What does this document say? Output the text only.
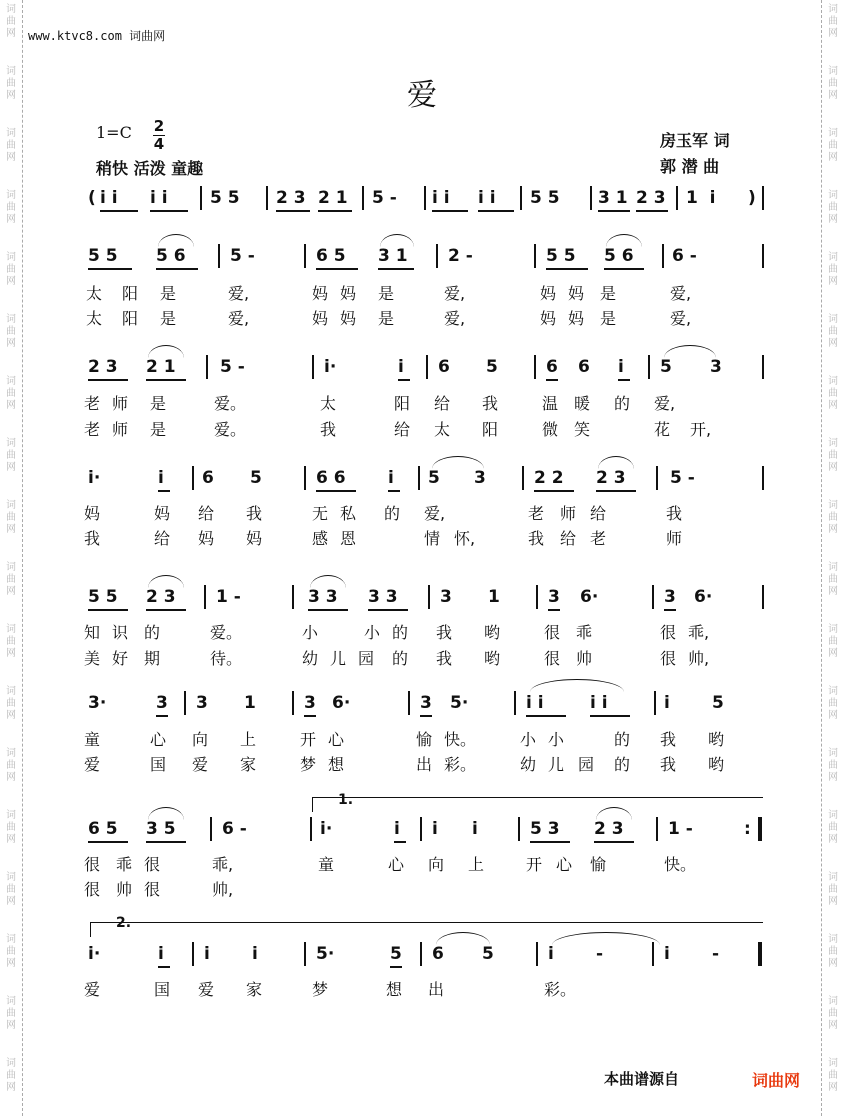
词
曲
网
词
曲
网
词
曲
网
词
曲
网
词
曲
网
词
曲
网
词
曲
网
词
曲
网
词
曲
网
词
曲
网
词
曲
网
词
曲
网
词
曲
网
词
曲
网
词
曲
网
词
曲
网
词
曲
网
词
曲
网
词
曲
网
词
曲
网
词
曲
网
词
曲
网
词
曲
网
词
曲
网
词
曲
网
词
曲
网
词
曲
网
词
曲
网
词
曲
网
词
曲
网
词
曲
网
词
曲
网
词
曲
网
词
曲
网
词
曲
网
词
曲
网
www.ktvc8.com 词曲网
爱
1=C 2
4
稍快 活泼 童趣
房玉军 词
郭 潜 曲
( i i i i 5 5 2 3 2 1 5 - i i i i 5 5 3 1 2 3 1  i )
5 5 5 6	5 -	6 5 3 1 2 -	5 5 5 6 6 -
太 阳 是	爱,	妈 妈 是	爱,	妈 妈 是	爱,
太 阳 是	爱,	妈 妈 是	爱,	妈 妈 是	爱,
2 3 2 1	5 -	i·	i 6 5	6 6 i 5 3
老 师 是	爱。	太	阳 给 我	温 暖 的 爱,
老 师 是	爱。	我	给 太 阳	微 笑	花 开,
i·	i 6 5	6 6 i 5 3	2 2 2 3	5 -
妈	妈 给 我	无 私 的 爱,	老 师 给	我
我	给 妈 妈	感 恩	情 怀,	我 给 老	师
5 5 2 3 1 -	3 3 3 3 3 1	3 6·	3 6·
知 识 的	爱。	小	小 的 我 哟	很 乖	很 乖,
美 好 期	待。	幼 儿 园 的 我 哟	很 帅	很 帅,
3·	3 3 1	3 6·	3 5·	i i	i i	i 5
童	心 向 上	开 心	愉 快。	小 小	的 我 哟
爱	国 爱 家	梦 想	出 彩。	幼 儿 园 的 我 哟
1.
6 5 3 5	6 -	i·	i i i	5 3 2 3	1 -	:
很 乖 很	乖,	童	心 向 上	开 心 愉	快。
很 帅 很	帅,
2.
i·	i i i	5·	5 6 5	i -	i -
爱	国 爱 家	梦	想 出	彩。
本曲谱源自	词曲网
